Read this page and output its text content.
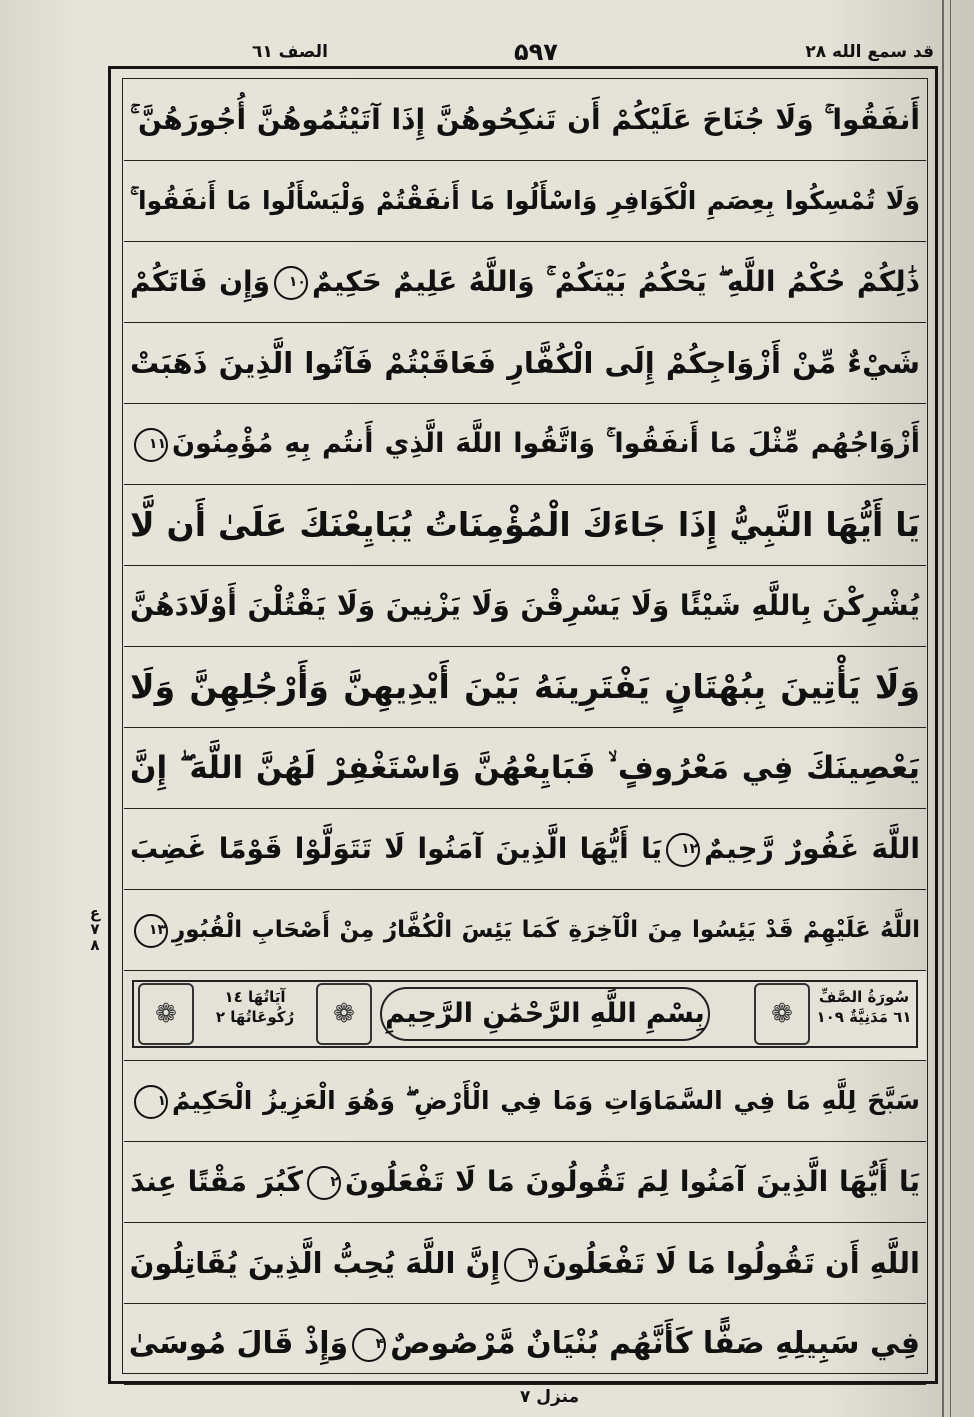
قد سمع الله ۲۸
۵۹۷
الصف ٦١
أَنفَقُوا ۚ وَلَا جُنَاحَ عَلَيْكُمْ أَن تَنكِحُوهُنَّ إِذَا آتَيْتُمُوهُنَّ أُجُورَهُنَّ ۚ
وَلَا تُمْسِكُوا بِعِصَمِ الْكَوَافِرِ وَاسْأَلُوا مَا أَنفَقْتُمْ وَلْيَسْأَلُوا مَا أَنفَقُوا ۚ
ذَٰلِكُمْ حُكْمُ اللَّهِ ۖ يَحْكُمُ بَيْنَكُمْ ۚ وَاللَّهُ عَلِيمٌ حَكِيمٌ۱۰وَإِن فَاتَكُمْ
شَيْءٌ مِّنْ أَزْوَاجِكُمْ إِلَى الْكُفَّارِ فَعَاقَبْتُمْ فَآتُوا الَّذِينَ ذَهَبَتْ
أَزْوَاجُهُم مِّثْلَ مَا أَنفَقُوا ۚ وَاتَّقُوا اللَّهَ الَّذِي أَنتُم بِهِ مُؤْمِنُونَ۱۱
يَا أَيُّهَا النَّبِيُّ إِذَا جَاءَكَ الْمُؤْمِنَاتُ يُبَايِعْنَكَ عَلَىٰ أَن لَّا
يُشْرِكْنَ بِاللَّهِ شَيْئًا وَلَا يَسْرِقْنَ وَلَا يَزْنِينَ وَلَا يَقْتُلْنَ أَوْلَادَهُنَّ
وَلَا يَأْتِينَ بِبُهْتَانٍ يَفْتَرِينَهُ بَيْنَ أَيْدِيهِنَّ وَأَرْجُلِهِنَّ وَلَا
يَعْصِينَكَ فِي مَعْرُوفٍ ۙ فَبَايِعْهُنَّ وَاسْتَغْفِرْ لَهُنَّ اللَّهَ ۖ إِنَّ
اللَّهَ غَفُورٌ رَّحِيمٌ۱۲يَا أَيُّهَا الَّذِينَ آمَنُوا لَا تَتَوَلَّوْا قَوْمًا غَضِبَ
اللَّهُ عَلَيْهِمْ قَدْ يَئِسُوا مِنَ الْآخِرَةِ كَمَا يَئِسَ الْكُفَّارُ مِنْ أَصْحَابِ الْقُبُورِ۱۳
❁
❁
❁
آيَاتُهَا ١٤
رُكُوعَاتُهَا ٢	بِسْمِ اللَّهِ الرَّحْمَٰنِ الرَّحِيمِ
سُورَةُ الصَّفِّ
٦١ مَدَنِيَّةٌ ١٠٩
سَبَّحَ لِلَّهِ مَا فِي السَّمَاوَاتِ وَمَا فِي الْأَرْضِ ۖ وَهُوَ الْعَزِيزُ الْحَكِيمُ۱
يَا أَيُّهَا الَّذِينَ آمَنُوا لِمَ تَقُولُونَ مَا لَا تَفْعَلُونَ۲كَبُرَ مَقْتًا عِندَ
اللَّهِ أَن تَقُولُوا مَا لَا تَفْعَلُونَ۳إِنَّ اللَّهَ يُحِبُّ الَّذِينَ يُقَاتِلُونَ
فِي سَبِيلِهِ صَفًّا كَأَنَّهُم بُنْيَانٌ مَّرْصُوصٌ۴وَإِذْ قَالَ مُوسَىٰ
ع
٧
٨
منزل ٧
